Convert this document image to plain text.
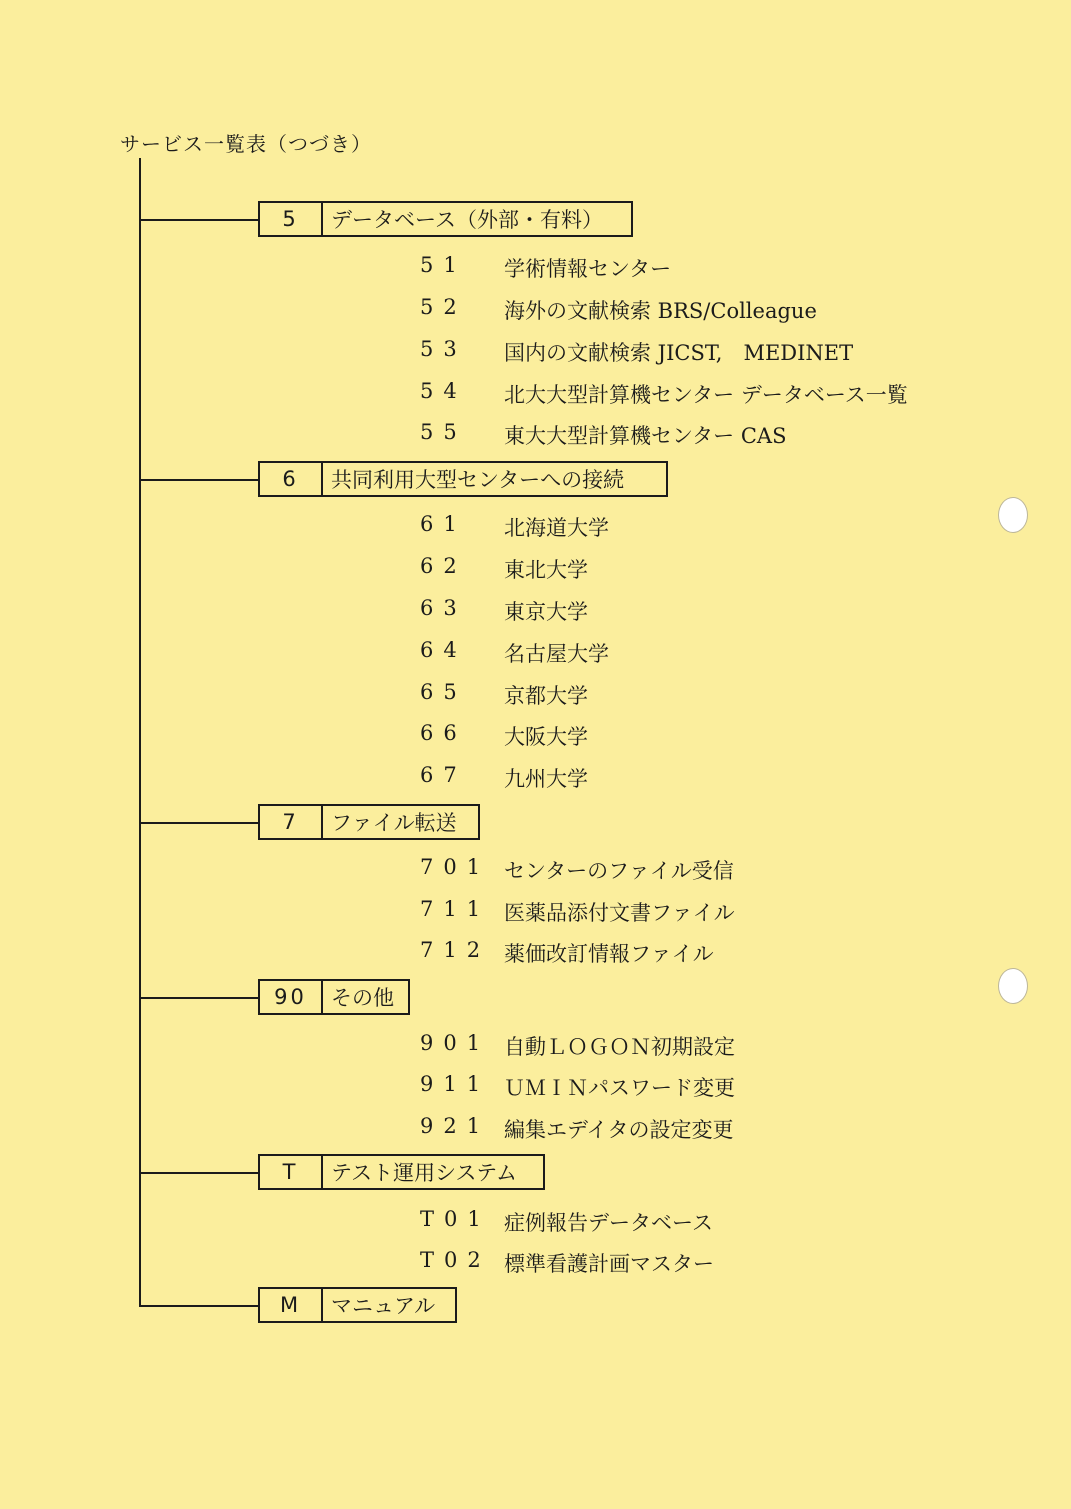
サービス一覧表（つづき）
5	データベース（外部・有料）
51 学術情報センター
52 海外の文献検索 BRS/Colleague
53 国内の文献検索 JICST,　MEDINET
54 北大大型計算機センター データベース一覧
55 東大大型計算機センター CAS
6	共同利用大型センターへの接続
61 北海道大学
62 東北大学
63 東京大学
64 名古屋大学
65 京都大学
66 大阪大学
67 九州大学
7	ファイル転送
701 センターのファイル受信
711 医薬品添付文書ファイル
712 薬価改訂情報ファイル
90	その他
901 自動ＬＯＧＯＮ初期設定
911 ＵＭＩＮパスワード変更
921 編集エデイタの設定変更
T	テスト運用システム
T01 症例報告データベース
T02 標準看護計画マスター
M	マニュアル
